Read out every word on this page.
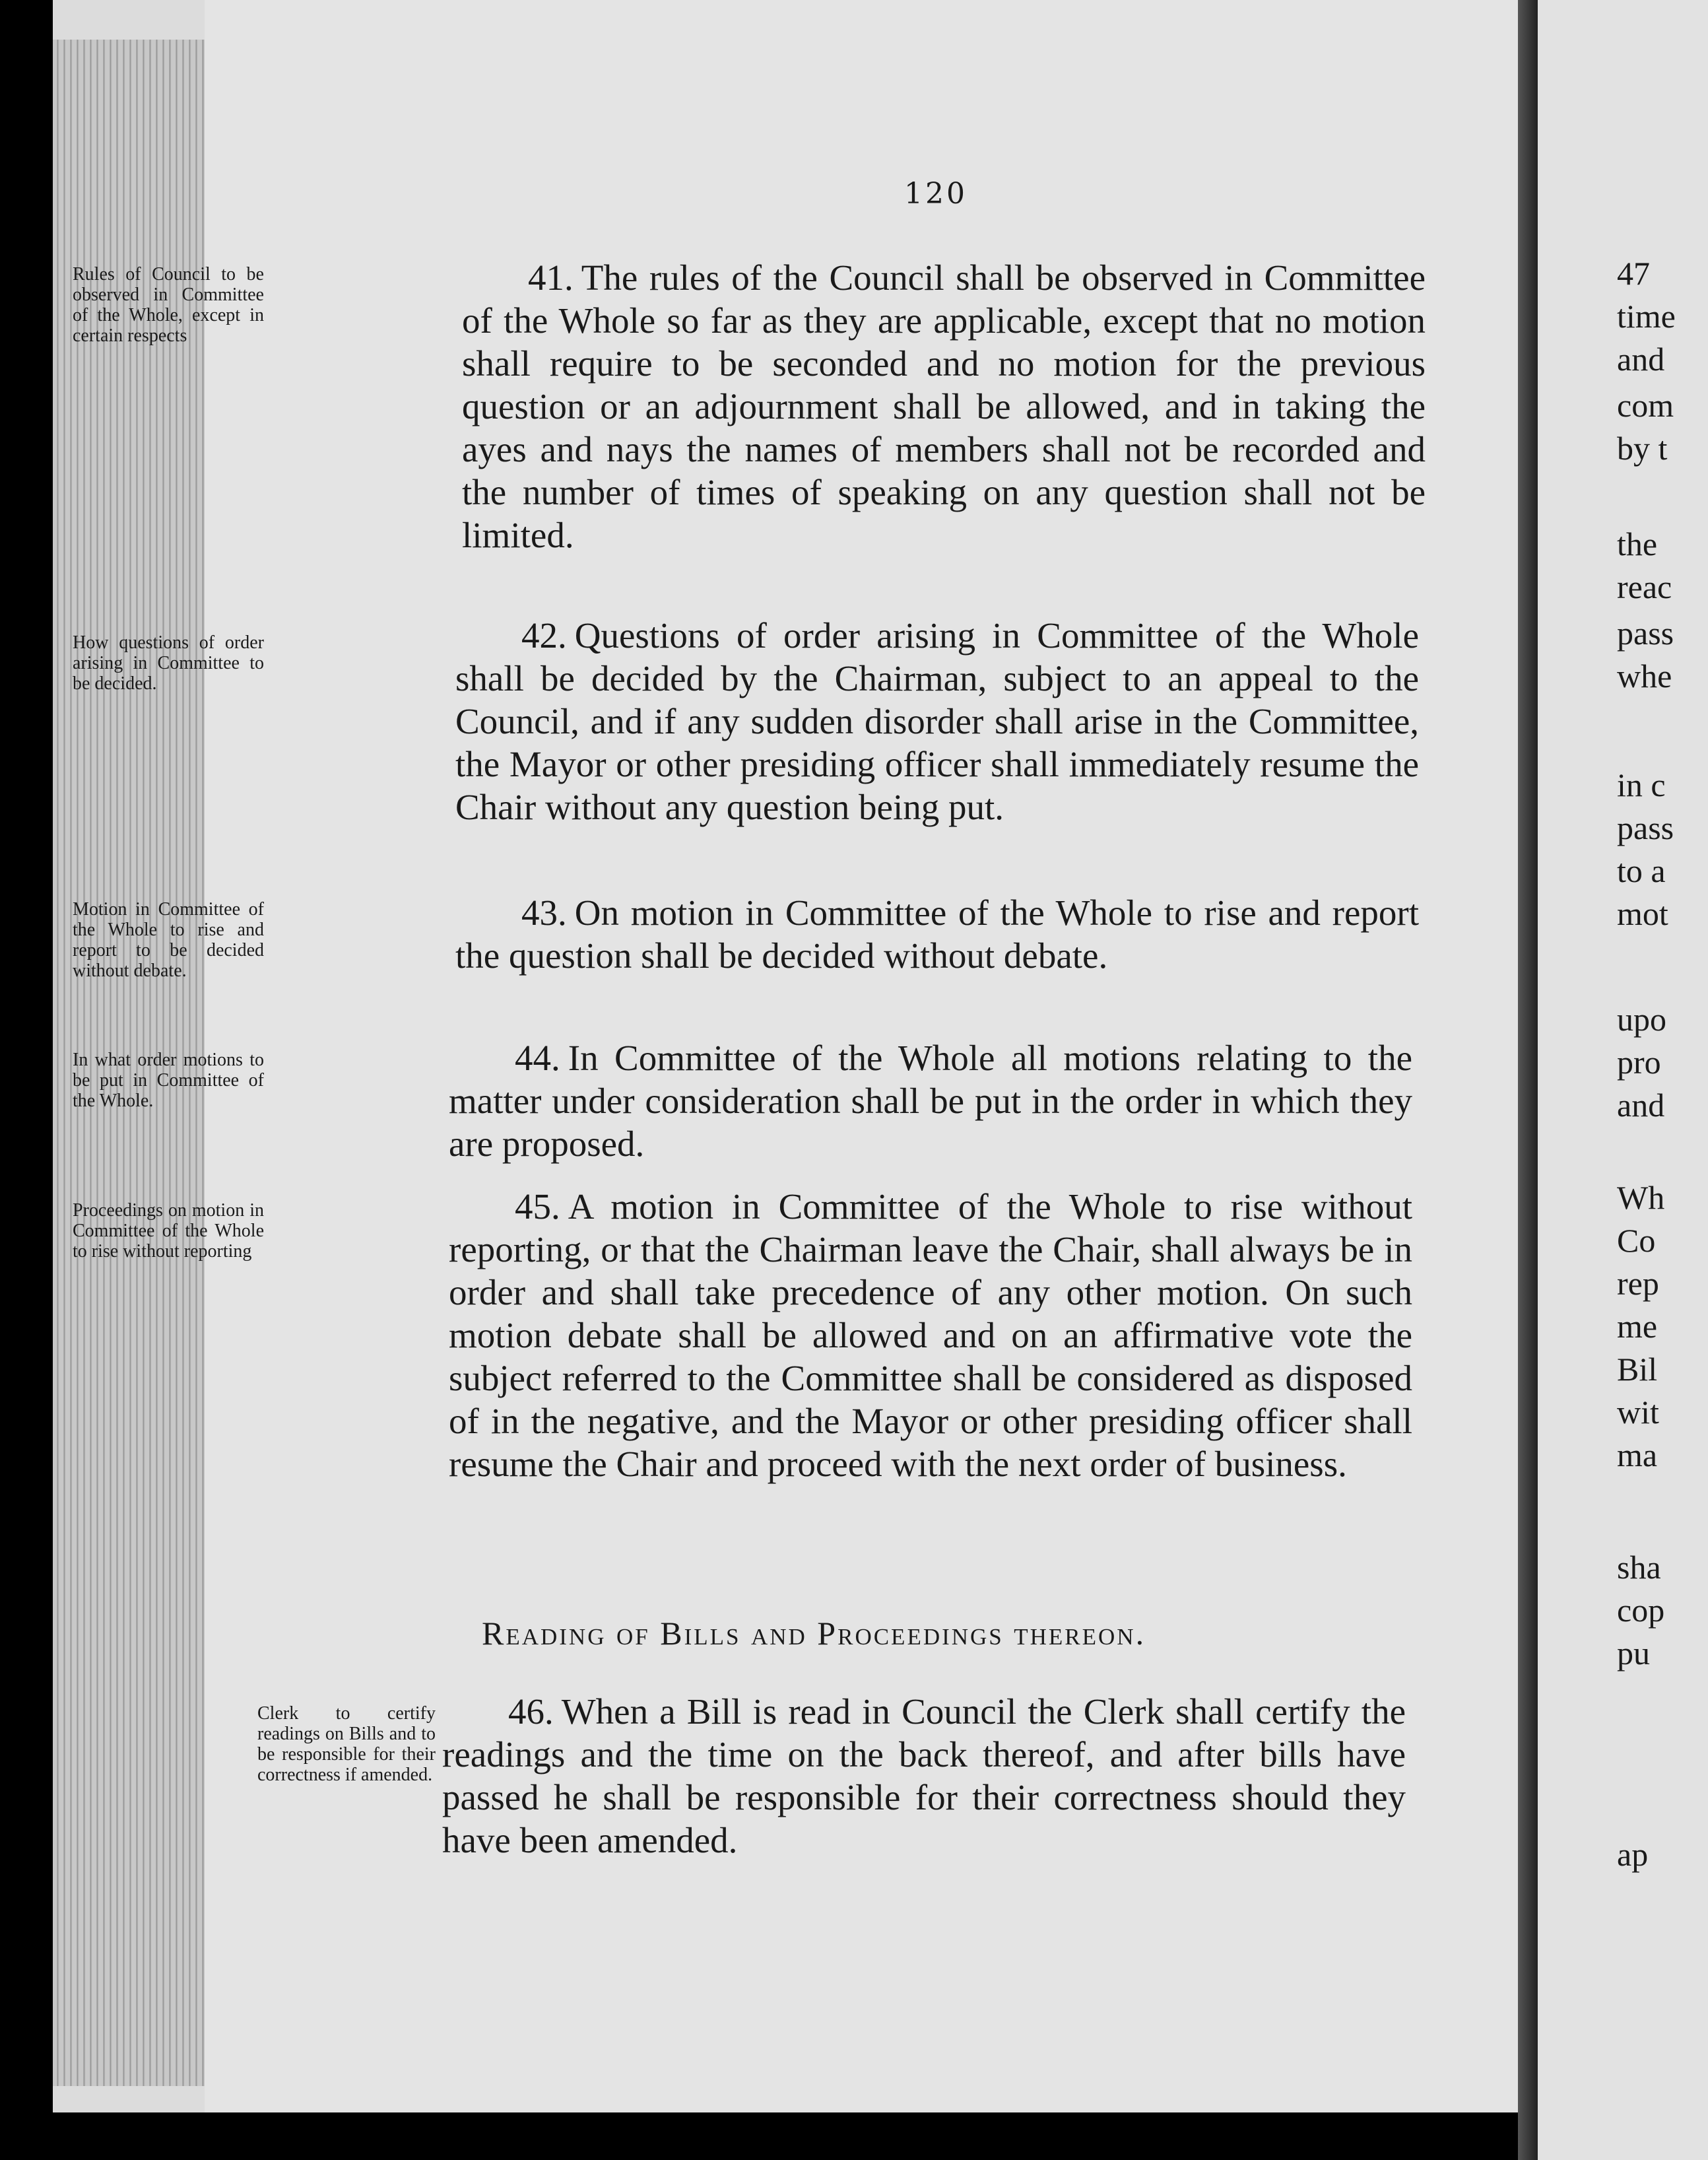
120
Rules of Council to be observed in Committee of the Whole, except in certain respects
41. The rules of the Council shall be observed in Committee of the Whole so far as they are applicable, except that no motion shall require to be seconded and no motion for the previous question or an adjournment shall be allowed, and in taking the ayes and nays the names of members shall not be recorded and the number of times of speaking on any question shall not be limited.
How questions of order arising in Committee to be decided.
42. Questions of order arising in Committee of the Whole shall be decided by the Chairman, subject to an appeal to the Council, and if any sudden disorder shall arise in the Committee, the Mayor or other presiding officer shall immediately resume the Chair without any question being put.
Motion in Committee of the Whole to rise and report to be decided without debate.
43. On motion in Committee of the Whole to rise and report the question shall be decided without debate.
In what order motions to be put in Committee of the Whole.
44. In Committee of the Whole all motions relating to the matter under consideration shall be put in the order in which they are proposed.
Proceedings on motion in Committee of the Whole to rise without reporting
45. A motion in Committee of the Whole to rise without reporting, or that the Chairman leave the Chair, shall always be in order and shall take precedence of any other motion. On such motion debate shall be allowed and on an affirmative vote the subject referred to the Committee shall be considered as disposed of in the negative, and the Mayor or other presiding officer shall resume the Chair and proceed with the next order of business.
Reading of Bills and Proceedings thereon.
Clerk to certify readings on Bills and to be responsible for their correctness if amended.
46. When a Bill is read in Council the Clerk shall certify the readings and the time on the back thereof, and after bills have passed he shall be responsible for their correctness should they have been amended.
47
time
and
com
by t
the
reac
pass
whe
in c
pass
to a
mot
upo
pro
and
Wh
Co
rep
me
Bil
wit
ma
sha
cop
pu
ap
